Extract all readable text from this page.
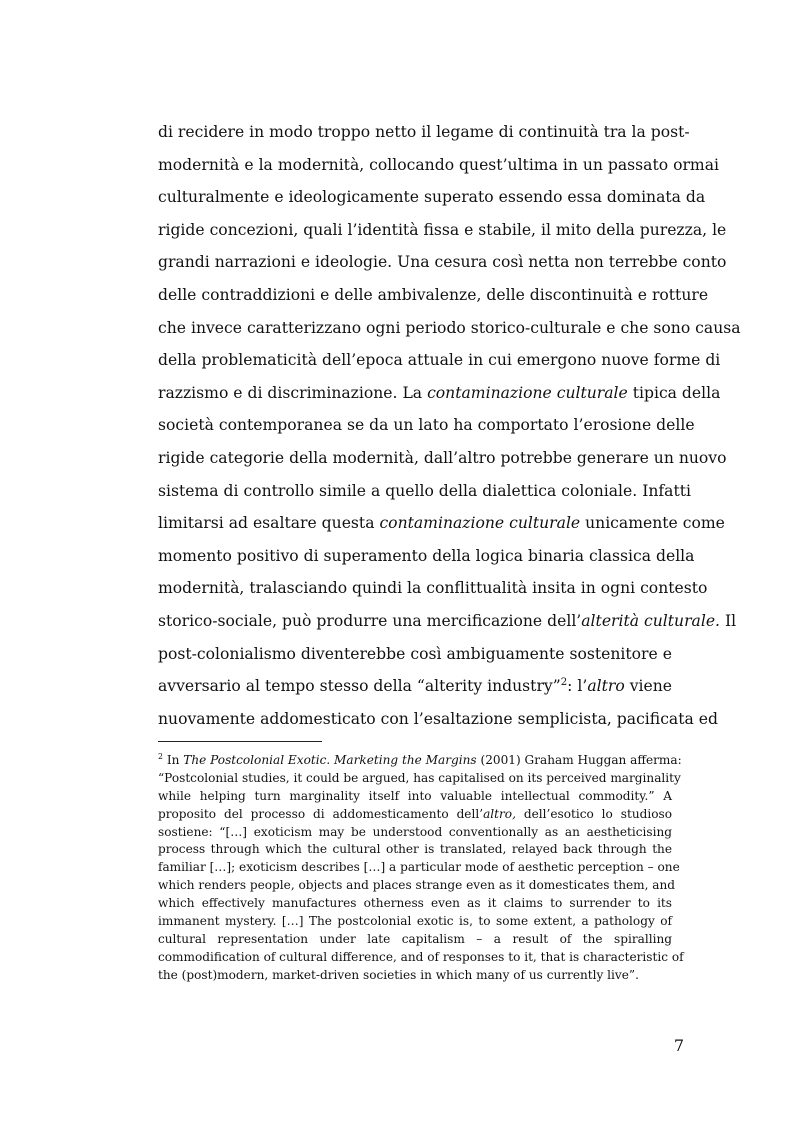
di recidere in modo troppo netto il legame di continuità tra la post-
modernità e la modernità, collocando quest’ultima in un passato ormai
culturalmente e ideologicamente superato essendo essa dominata da
rigide concezioni, quali l’identità fissa e stabile, il mito della purezza, le
grandi narrazioni e ideologie. Una cesura così netta non terrebbe conto
delle contraddizioni e delle ambivalenze, delle discontinuità e rotture
che invece caratterizzano ogni periodo storico-culturale e che sono causa
della problematicità dell’epoca attuale in cui emergono nuove forme di
razzismo e di discriminazione. La contaminazione culturale tipica della
società contemporanea se da un lato ha comportato l’erosione delle
rigide categorie della modernità, dall’altro potrebbe generare un nuovo
sistema di controllo simile a quello della dialettica coloniale. Infatti
limitarsi ad esaltare questa contaminazione culturale unicamente come
momento positivo di superamento della logica binaria classica della
modernità, tralasciando quindi la conflittualità insita in ogni contesto
storico-sociale, può produrre una mercificazione dell’alterità culturale. Il
post-colonialismo diventerebbe così ambiguamente sostenitore e
avversario al tempo stesso della “alterity industry”$^2$: l’altro viene
nuovamente addomesticato con l’esaltazione semplicista, pacificata ed
$^2$ In The Postcolonial Exotic. Marketing the Margins (2001) Graham Huggan afferma:
“Postcolonial studies, it could be argued, has capitalised on its perceived marginality
while helping turn marginality itself into valuable intellectual commodity.” A
proposito del processo di addomesticamento dell’altro, dell’esotico lo studioso
sostiene: “[…] exoticism may be understood conventionally as an aestheticising
process through which the cultural other is translated, relayed back through the
familiar […]; exoticism describes […] a particular mode of aesthetic perception – one
which renders people, objects and places strange even as it domesticates them, and
which effectively manufactures otherness even as it claims to surrender to its
immanent mystery. […] The postcolonial exotic is, to some extent, a pathology of
cultural representation under late capitalism – a result of the spiralling
commodification of cultural difference, and of responses to it, that is characteristic of
the (post)modern, market-driven societies in which many of us currently live”.
7
